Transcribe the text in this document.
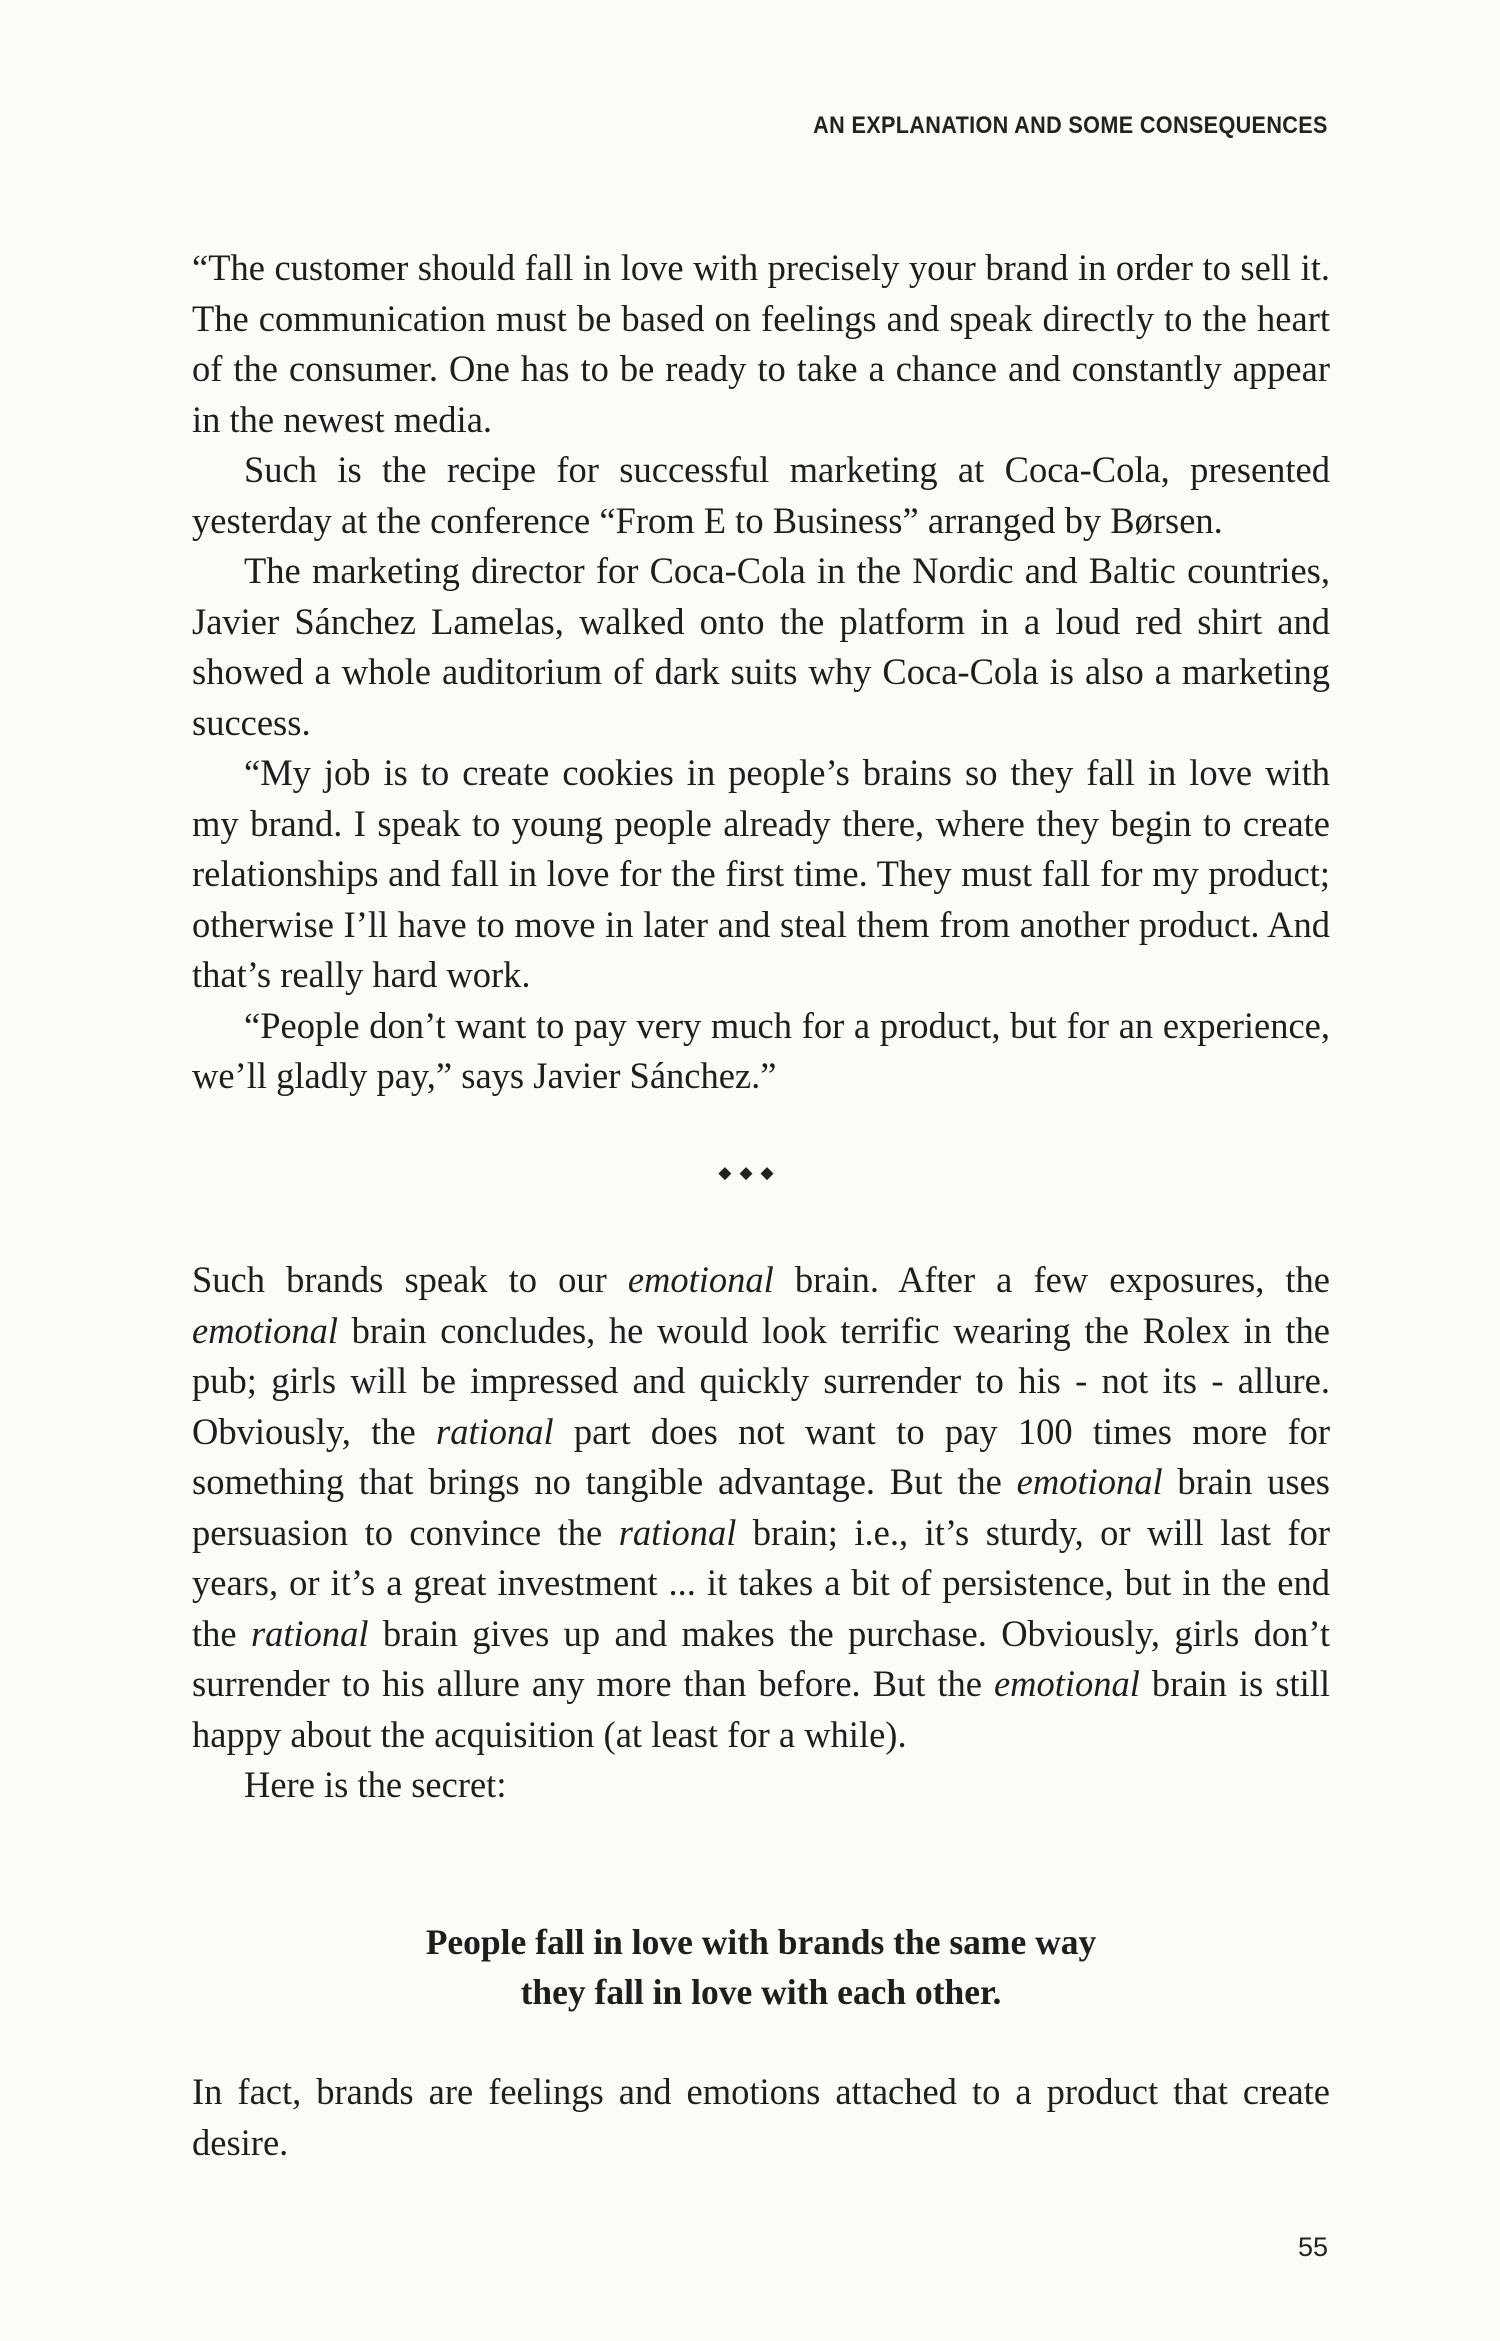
AN EXPLANATION AND SOME CONSEQUENCES

“The customer should fall in love with precisely your brand in order to sell it. The communication must be based on feelings and speak directly to the heart of the consumer. One has to be ready to take a chance and constantly appear in the newest media.

Such is the recipe for successful marketing at Coca-Cola, presented yesterday at the conference “From E to Business” arranged by Børsen.

The marketing director for Coca-Cola in the Nordic and Baltic countries, Javier Sánchez Lamelas, walked onto the platform in a loud red shirt and showed a whole auditorium of dark suits why Coca-Cola is also a marketing success.

“My job is to create cookies in people’s brains so they fall in love with my brand. I speak to young people already there, where they begin to create relationships and fall in love for the first time. They must fall for my product; otherwise I’ll have to move in later and steal them from another product. And that’s really hard work.

“People don’t want to pay very much for a product, but for an experience, we’ll gladly pay,” says Javier Sánchez.”

◆◆◆

Such brands speak to our emotional brain. After a few exposures, the emotional brain concludes, he would look terrific wearing the Rolex in the pub; girls will be impressed and quickly surrender to his - not its - allure. Obviously, the rational part does not want to pay 100 times more for something that brings no tangible advantage. But the emotional brain uses persuasion to convince the rational brain; i.e., it’s sturdy, or will last for years, or it’s a great investment ... it takes a bit of persistence, but in the end the rational brain gives up and makes the purchase. Obviously, girls don’t surrender to his allure any more than before. But the emotional brain is still happy about the acquisition (at least for a while).

Here is the secret:

People fall in love with brands the same way
they fall in love with each other.

In fact, brands are feelings and emotions attached to a product that create desire.

55
